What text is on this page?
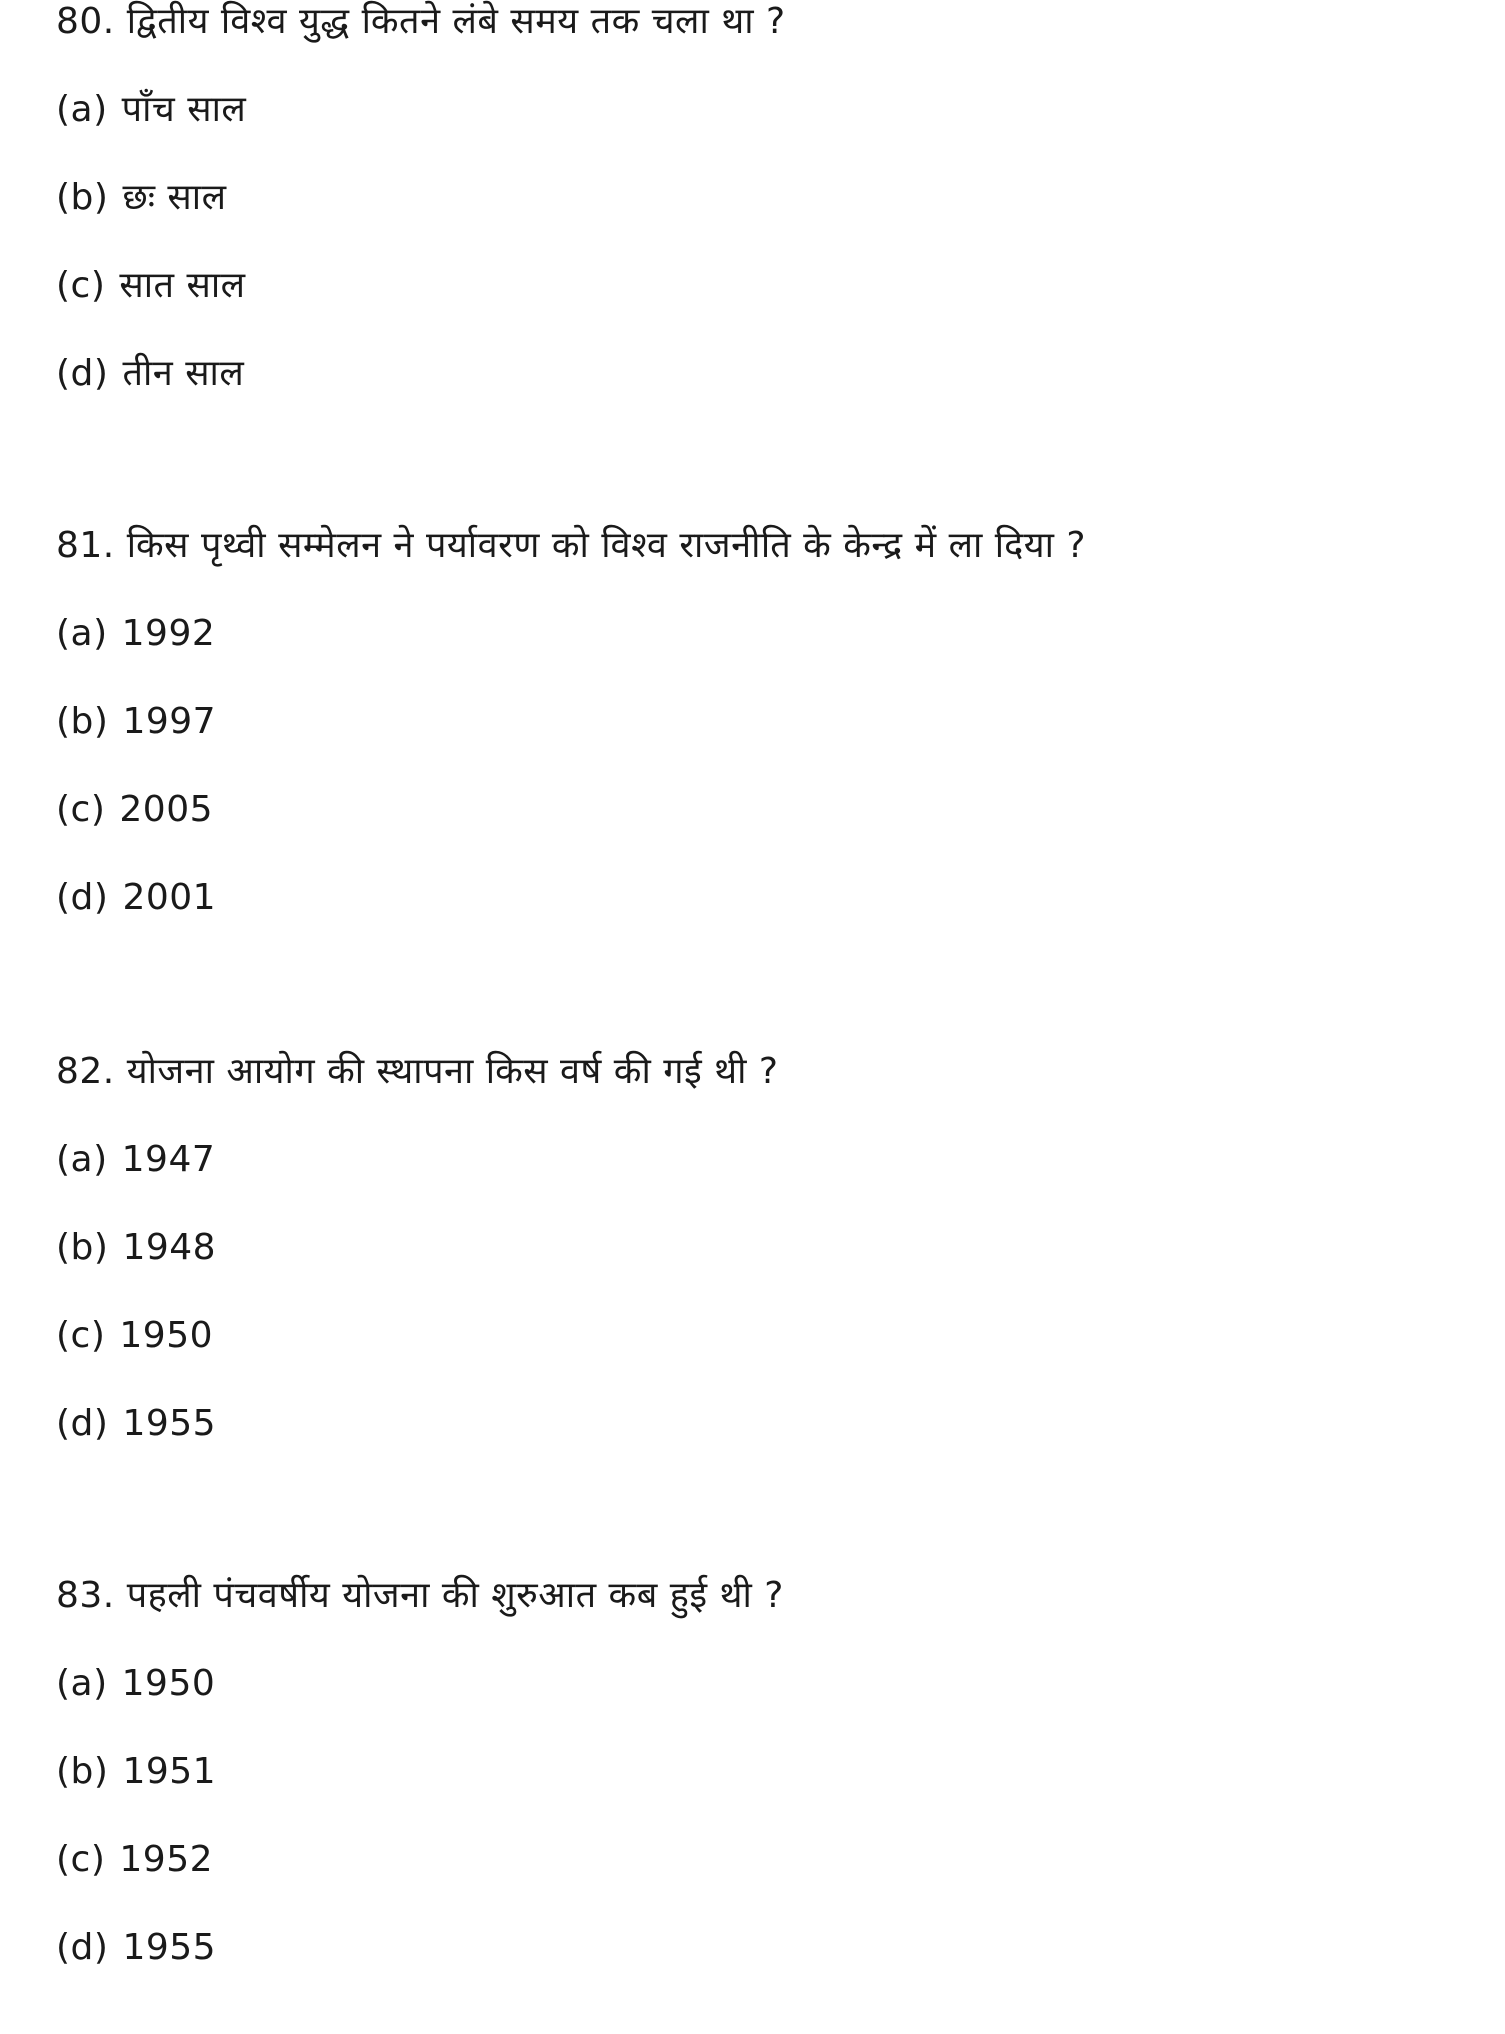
80. द्वितीय विश्व युद्ध कितने लंबे समय तक चला था ?
(a) पाँच साल
(b) छः साल
(c) सात साल
(d) तीन साल
81. किस पृथ्वी सम्मेलन ने पर्यावरण को विश्व राजनीति के केन्द्र में ला दिया ?
(a) 1992
(b) 1997
(c) 2005
(d) 2001
82. योजना आयोग की स्थापना किस वर्ष की गई थी ?
(a) 1947
(b) 1948
(c) 1950
(d) 1955
83. पहली पंचवर्षीय योजना की शुरुआत कब हुई थी ?
(a) 1950
(b) 1951
(c) 1952
(d) 1955
